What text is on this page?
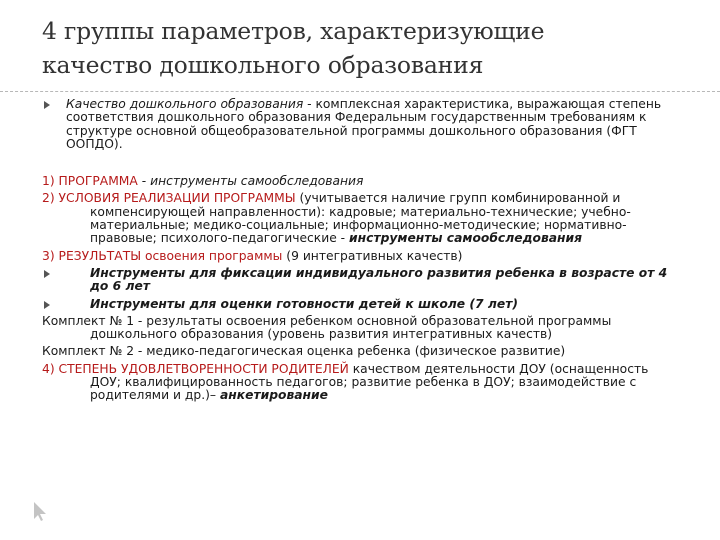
4 группы параметров, характеризующие
качество дошкольного образования
Качество дошкольного образования - комплексная характеристика, выражающая степень соответствия дошкольного образования Федеральным государственным требованиям к структуре основной общеобразовательной программы дошкольного образования (ФГТ ООПДО).
1) ПРОГРАММА - инструменты самообследования
2) УСЛОВИЯ РЕАЛИЗАЦИИ ПРОГРАММЫ (учитывается наличие групп комбинированной и компенсирующей направленности): кадровые; материально-технические; учебно-материальные; медико-социальные; информационно-методические; нормативно-правовые; психолого-педагогические - инструменты самообследования
3) РЕЗУЛЬТАТЫ освоения программы (9 интегративных качеств)
Инструменты для фиксации индивидуального развития ребенка в возрасте от 4 до 6 лет
Инструменты для оценки готовности детей к школе (7 лет)
Комплект № 1 - результаты освоения ребенком основной образовательной программы дошкольного образования (уровень развития интегративных качеств)
Комплект № 2 - медико-педагогическая оценка ребенка (физическое развитие)
4) СТЕПЕНЬ УДОВЛЕТВОРЕННОСТИ РОДИТЕЛЕЙ качеством деятельности ДОУ (оснащенность ДОУ; квалифицированность педагогов; развитие ребенка в ДОУ; взаимодействие с родителями и др.)– анкетирование
